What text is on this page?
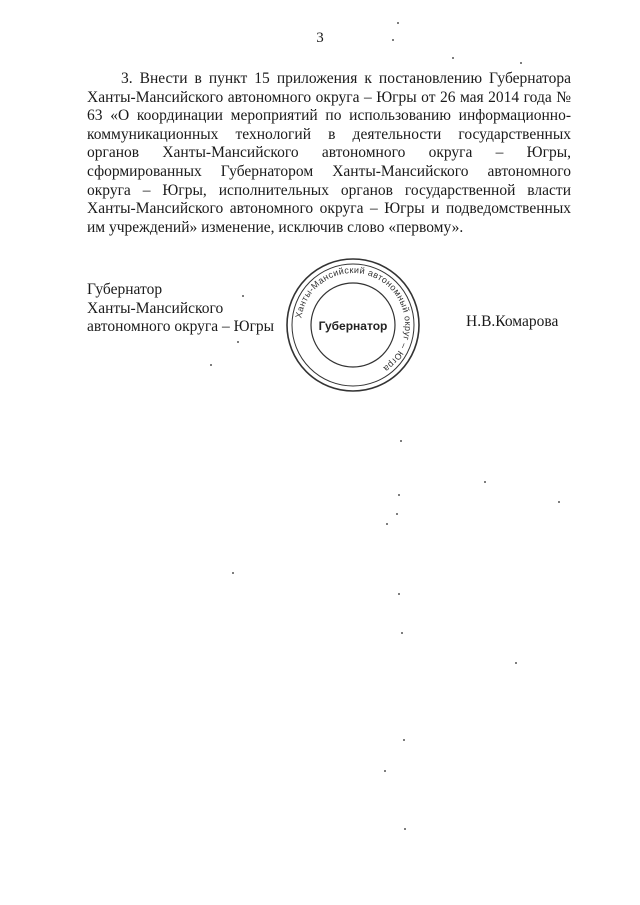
3

3. Внести в пункт 15 приложения к постановлению Губернатора Ханты-Мансийского автономного округа – Югры от 26 мая 2014 года № 63 «О координации мероприятий по использованию информационно-коммуникационных технологий в деятельности государственных органов Ханты-Мансийского автономного округа – Югры, сформированных Губернатором Ханты-Мансийского автономного округа – Югры, исполнительных органов государственной власти Ханты-Мансийского автономного округа – Югры и подведомственных им учреждений» изменение, исключив слово «первому».

Губернатор
Ханты-Мансийского
автономного округа – Югры	Н.В.Комарова
Ханты-Мансийский автономный округ – Югра
Губернатор
